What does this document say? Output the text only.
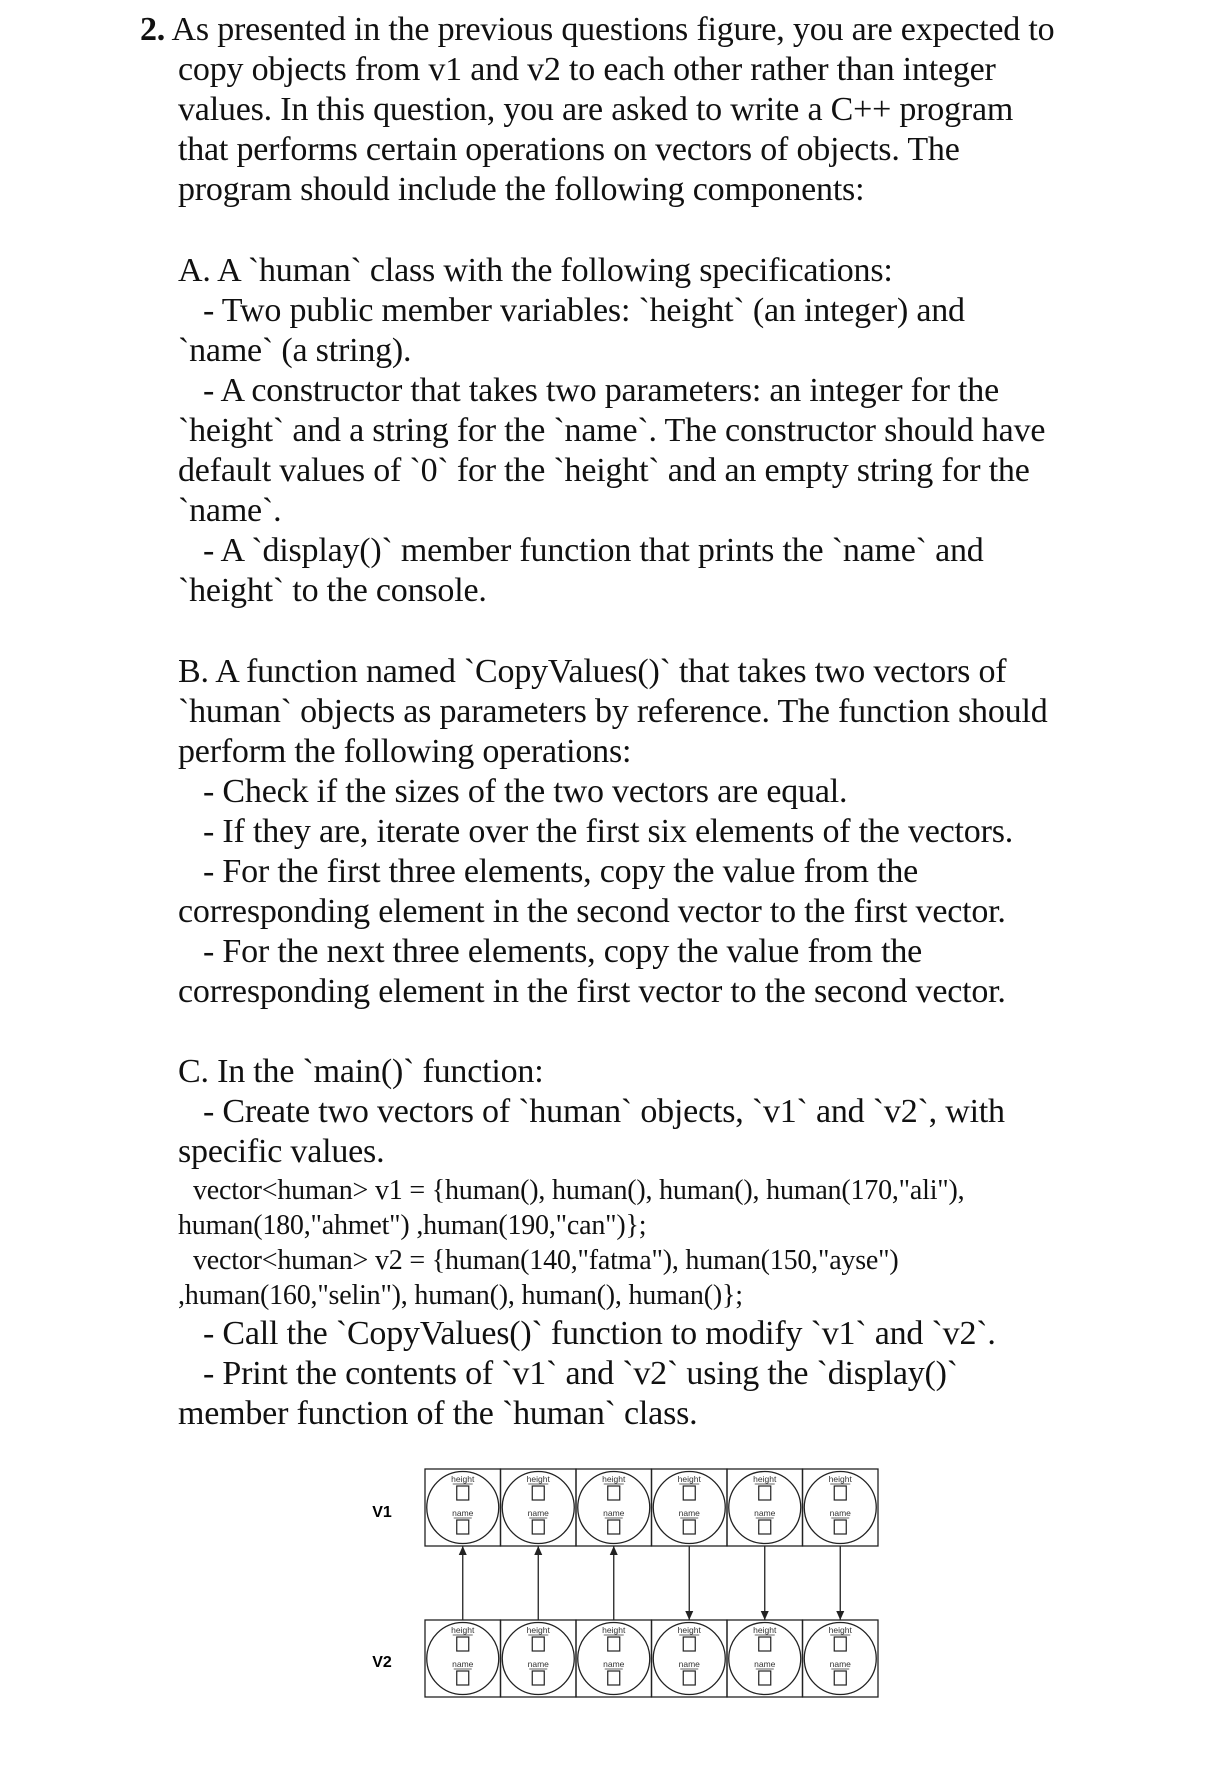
2. As presented in the previous questions figure, you are expected to
copy objects from v1 and v2 to each other rather than integer
values. In this question, you are asked to write a C++ program
that performs certain operations on vectors of objects. The
program should include the following components:
A. A `human` class with the following specifications:
- Two public member variables: `height` (an integer) and
`name` (a string).
- A constructor that takes two parameters: an integer for the
`height` and a string for the `name`. The constructor should have
default values of `0` for the `height` and an empty string for the
`name`.
- A `display()` member function that prints the `name` and
`height` to the console.
B. A function named `CopyValues()` that takes two vectors of
`human` objects as parameters by reference. The function should
perform the following operations:
- Check if the sizes of the two vectors are equal.
- If they are, iterate over the first six elements of the vectors.
- For the first three elements, copy the value from the
corresponding element in the second vector to the first vector.
- For the next three elements, copy the value from the
corresponding element in the first vector to the second vector.
C. In the `main()` function:
- Create two vectors of `human` objects, `v1` and `v2`, with
specific values.
vector<human> v1 = {human(), human(), human(), human(170,"ali"),
human(180,"ahmet") ,human(190,"can")};
vector<human> v2 = {human(140,"fatma"), human(150,"ayse")
,human(160,"selin"), human(), human(), human()};
- Call the `CopyValues()` function to modify `v1` and `v2`.
- Print the contents of `v1` and `v2` using the `display()`
member function of the `human` class.
V1
V2
height
name
height
name
height
name
height
name
height
name
height
name
height
name
height
name
height
name
height
name
height
name
height
name
